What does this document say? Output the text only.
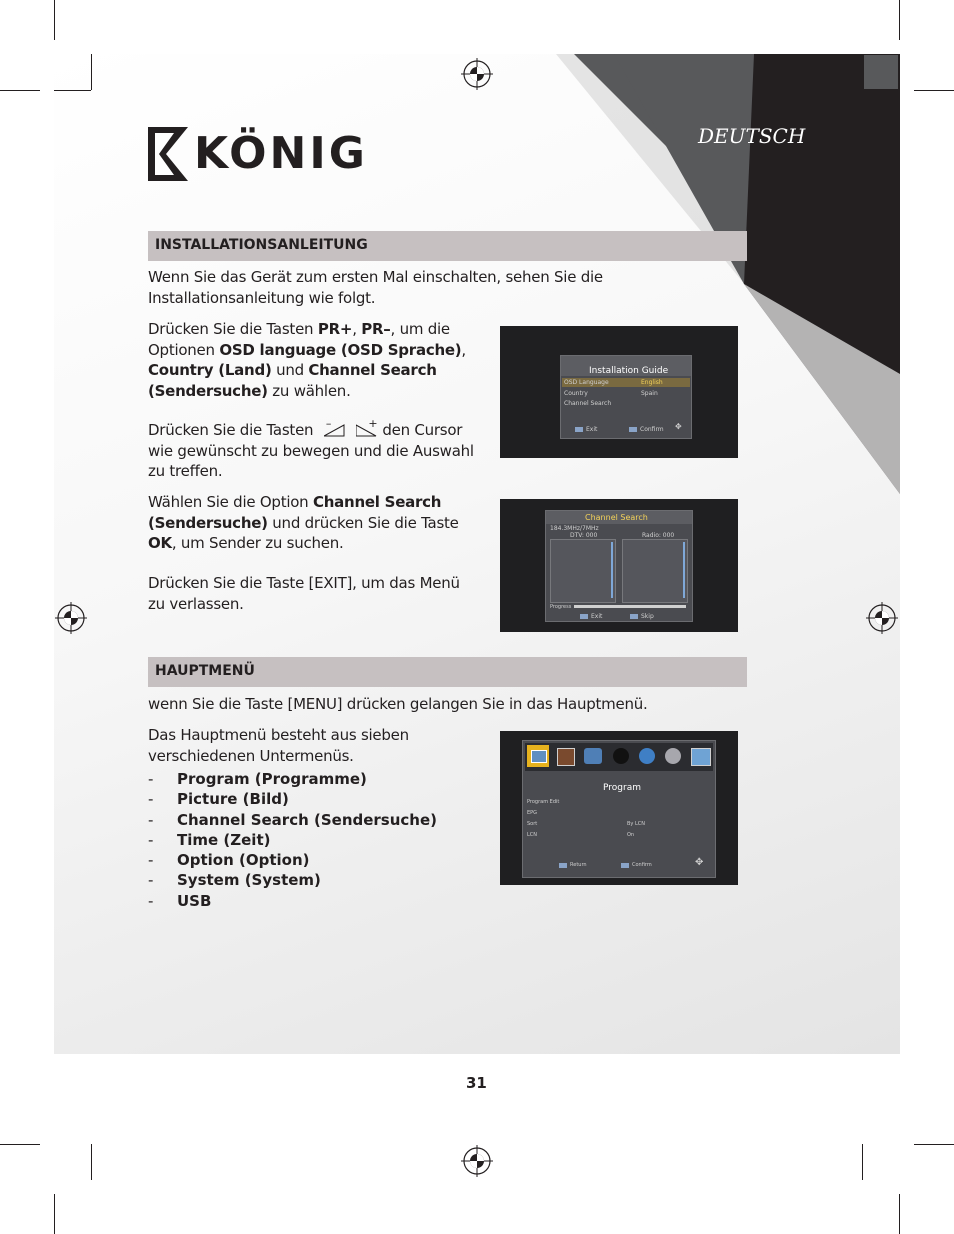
KÖNIG	DEUTSCH
INSTALLATIONSANLEITUNG
Wenn Sie das Gerät zum ersten Mal einschalten, sehen Sie die Installationsanleitung wie folgt.
Drücken Sie die Tasten PR+, PR–, um die Optionen OSD language (OSD Sprache), Country (Land) und Channel Search (Sendersuche) zu wählen.
Drücken Sie die Tasten –
	+ den Cursor wie gewünscht zu bewegen und die Auswahl zu treffen.
Wählen Sie die Option Channel Search (Sendersuche) und drücken Sie die Taste OK, um Sender zu suchen.
Drücken Sie die Taste [EXIT], um das Menü zu verlassen.
Installation Guide
OSD Language	English
Country	Spain
Channel Search
Exit	Confirm ✥
Channel Search
184.3MHz/7MHz
DTV: 000	Radio: 000
Progress
Exit	Skip
HAUPTMENÜ
wenn Sie die Taste [MENU] drücken gelangen Sie in das Hauptmenü.
Das Hauptmenü besteht aus sieben verschiedenen Untermenüs.
- Program (Programme)
- Picture (Bild)
- Channel Search (Sendersuche)
- Time (Zeit)
- Option (Option)
- System (System)
- USB
Program
Program Edit
EPG
Sort	By LCN
LCN	On
Return	Confirm	✥
31
